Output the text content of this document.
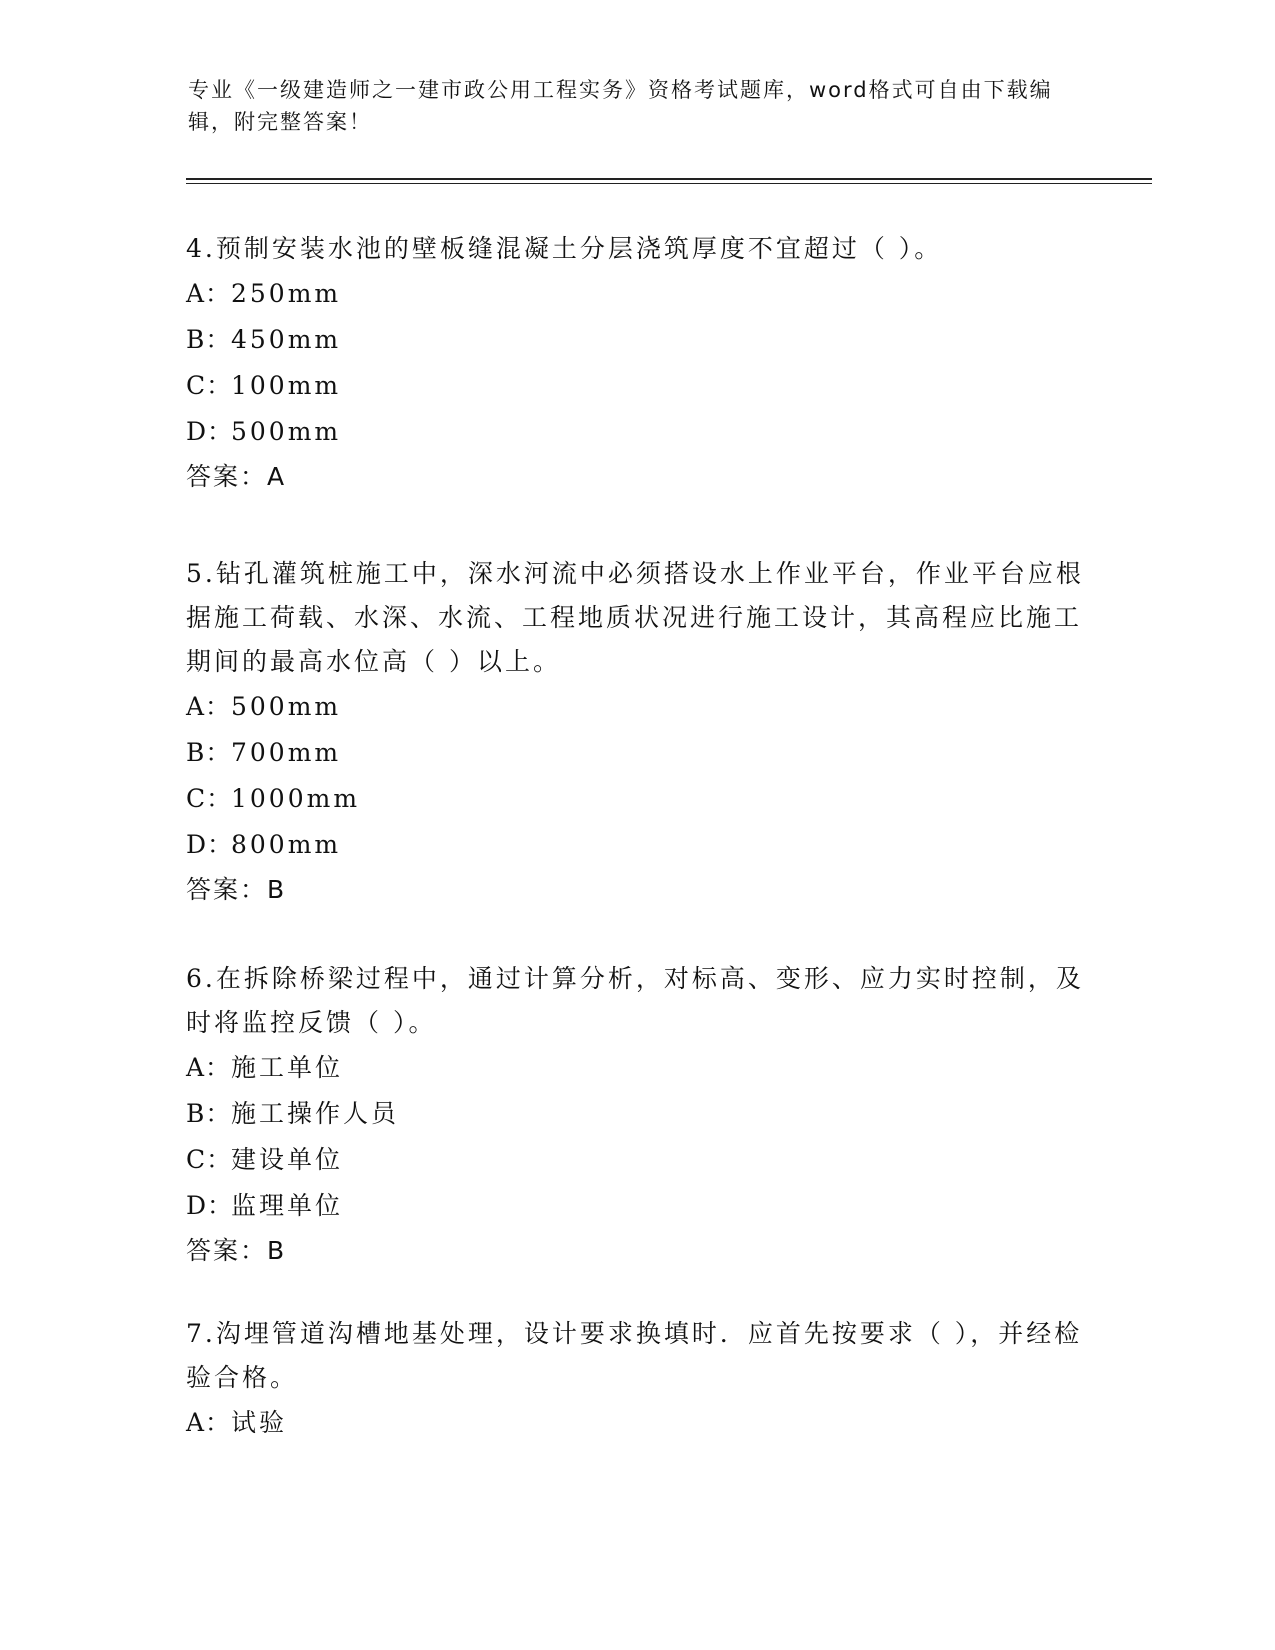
专业《一级建造师之一建市政公用工程实务》资格考试题库，word格式可自由下载编辑，附完整答案！

4.预制安装水池的壁板缝混凝土分层浇筑厚度不宜超过（ ）。

A： 250mm
B： 450mm
C：
100mm
D：
500mm

答案：A

5.钻孔灌筑桩施工中，深水河流中必须搭设水上作业平台，作业平台应根据施工荷载、水深、水流、工程地质状况进行施工设计，其高程应比施工期间的最高水位高（ ）以上。

A： 500mm
B： 700mm
C：
1000mm
D：
800mm

答案：B

6.在拆除桥梁过程中，通过计算分析，对标高、变形、应力实时控制，及时将监控反馈（ ）。

A： 施工单位
B： 施工操作人员
C：
建设单位
D：
监理单位

答案：B

7.沟埋管道沟槽地基处理，设计要求换填时．应首先按要求（ ），并经检验合格。

A： 试验
